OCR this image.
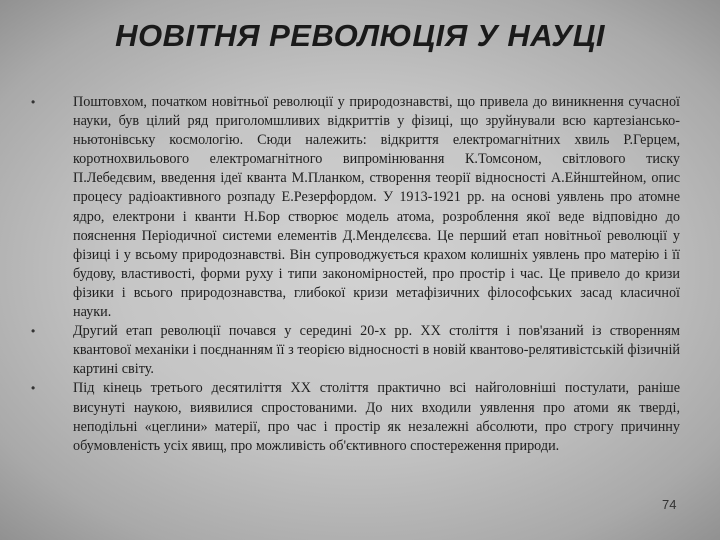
НОВІТНЯ РЕВОЛЮЦІЯ У НАУЦІ
•	Поштовхом, початком новітньої революції у природознавстві, що привела до виникнення сучасної науки, був цілий ряд приголомшливих відкриттів у фізиці, що зруйнували всю картезіансько-ньютонівську космологію. Сюди належить: відкриття електромагнітних хвиль Р.Герцем, коротнохвильового електромагнітного випромінювання К.Томсоном, світлового тиску П.Лебедєвим, введення ідеї кванта М.Планком, створення теорії відносності А.Ейнштейном, опис процесу радіоактивного розпаду Е.Резерфордом. У 1913-1921 рр. на основі уявлень про атомне ядро, електрони і кванти Н.Бор створює модель атома, розроблення якої веде відповідно до пояснення Періодичної системи елементів Д.Менделєєва. Це перший етап новітньої революції у фізиці і у всьому природознавстві. Він супроводжується крахом колишніх уявлень про матерію і її будову, властивості, форми руху і типи закономірностей, про простір і час. Це привело до кризи фізики і всього природознавства, глибокої кризи метафізичних філософських засад класичної науки.
•	Другий етап революції почався у середині 20-х рр. XX століття і пов'язаний із створенням квантової механіки і поєднанням її з теорією відносності в новій квантово-релятивістській фізичній картині світу.
•	Під кінець третього десятиліття XX століття практично всі найголовніші постулати, раніше висунуті наукою, виявилися спростованими. До них входили уявлення про атоми як тверді, неподільні «цеглини» матерії, про час і простір як незалежні абсолюти, про строгу причинну обумовленість усіх явищ, про можливість об'єктивного спостереження природи.
74
